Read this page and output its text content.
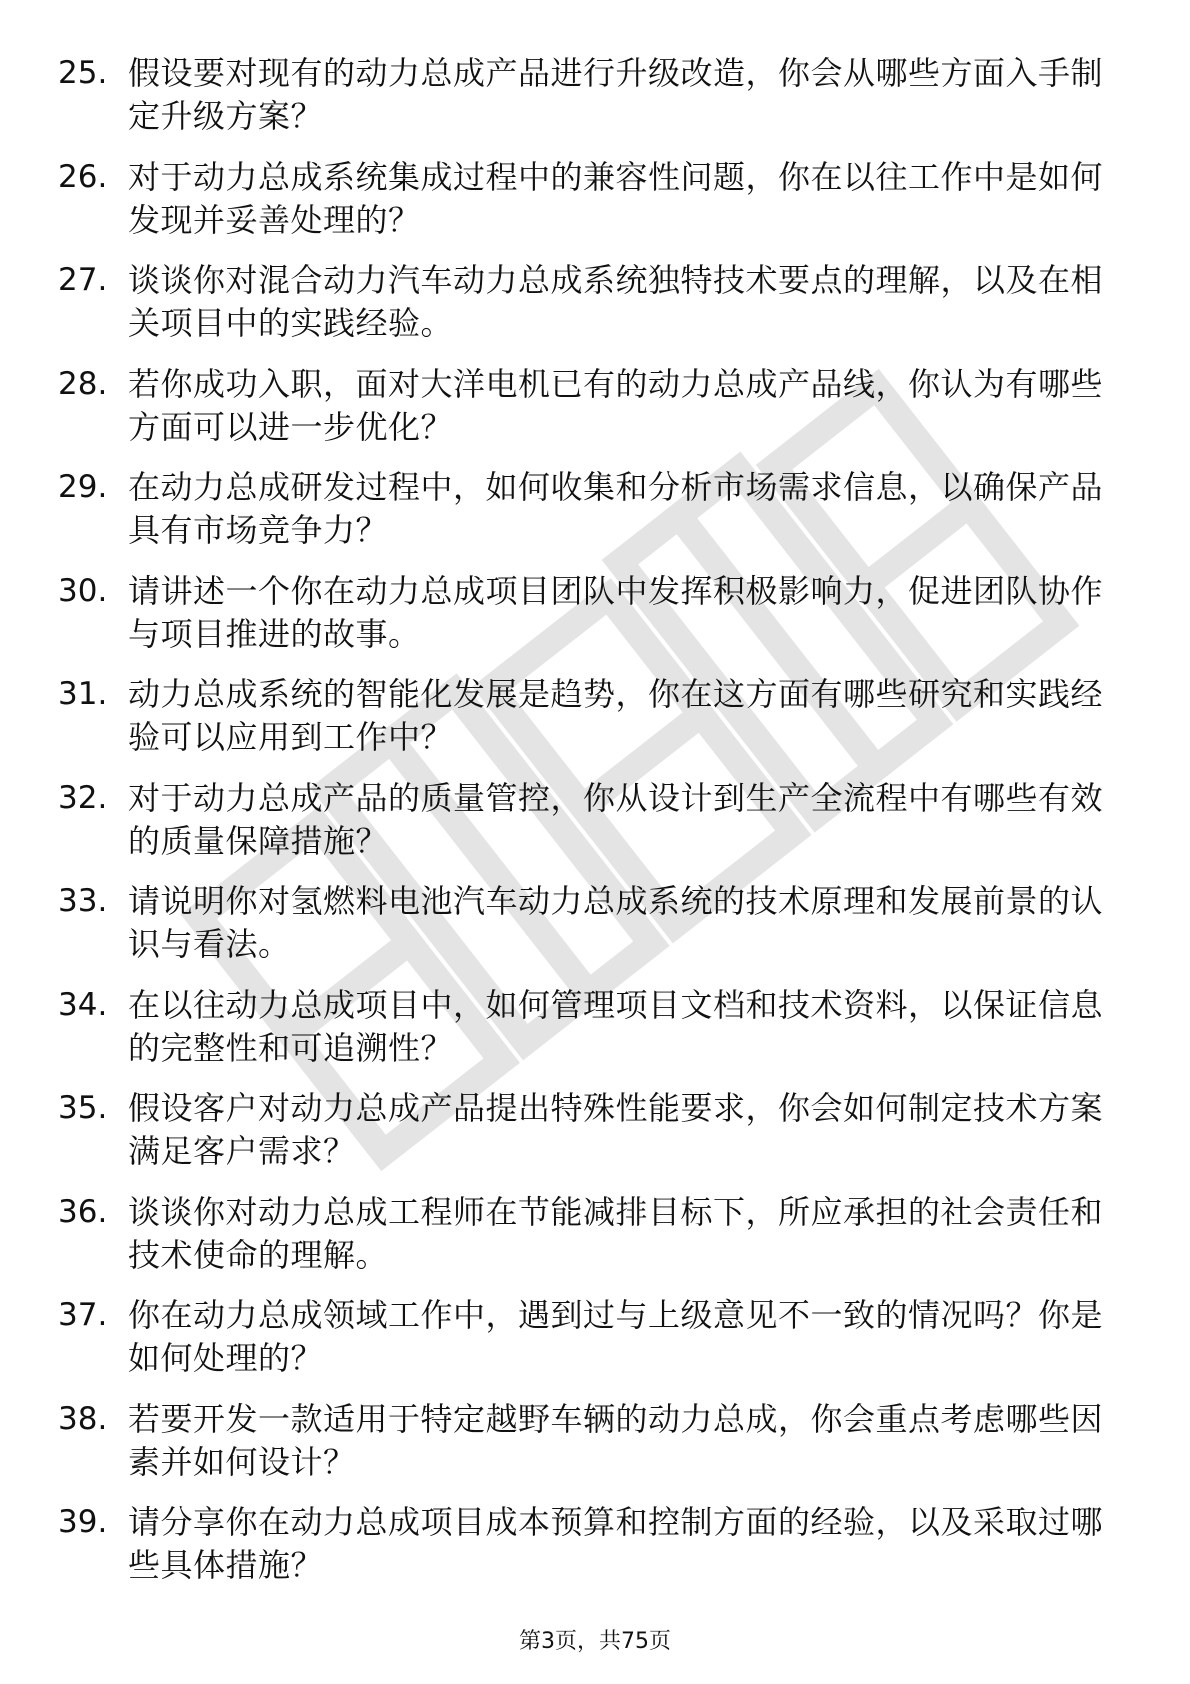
25. 假设要对现有的动力总成产品进行升级改造，你会从哪些方面入手制定升级方案？
26. 对于动力总成系统集成过程中的兼容性问题，你在以往工作中是如何发现并妥善处理的？
27. 谈谈你对混合动力汽车动力总成系统独特技术要点的理解，以及在相关项目中的实践经验。
28. 若你成功入职，面对大洋电机已有的动力总成产品线，你认为有哪些方面可以进一步优化？
29. 在动力总成研发过程中，如何收集和分析市场需求信息，以确保产品具有市场竞争力？
30. 请讲述一个你在动力总成项目团队中发挥积极影响力，促进团队协作与项目推进的故事。
31. 动力总成系统的智能化发展是趋势，你在这方面有哪些研究和实践经验可以应用到工作中？
32. 对于动力总成产品的质量管控，你从设计到生产全流程中有哪些有效的质量保障措施？
33. 请说明你对氢燃料电池汽车动力总成系统的技术原理和发展前景的认识与看法。
34. 在以往动力总成项目中，如何管理项目文档和技术资料，以保证信息的完整性和可追溯性？
35. 假设客户对动力总成产品提出特殊性能要求，你会如何制定技术方案满足客户需求？
36. 谈谈你对动力总成工程师在节能减排目标下，所应承担的社会责任和技术使命的理解。
37. 你在动力总成领域工作中，遇到过与上级意见不一致的情况吗？你是如何处理的？
38. 若要开发一款适用于特定越野车辆的动力总成，你会重点考虑哪些因素并如何设计？
39. 请分享你在动力总成项目成本预算和控制方面的经验，以及采取过哪些具体措施？
第3页，共75页
